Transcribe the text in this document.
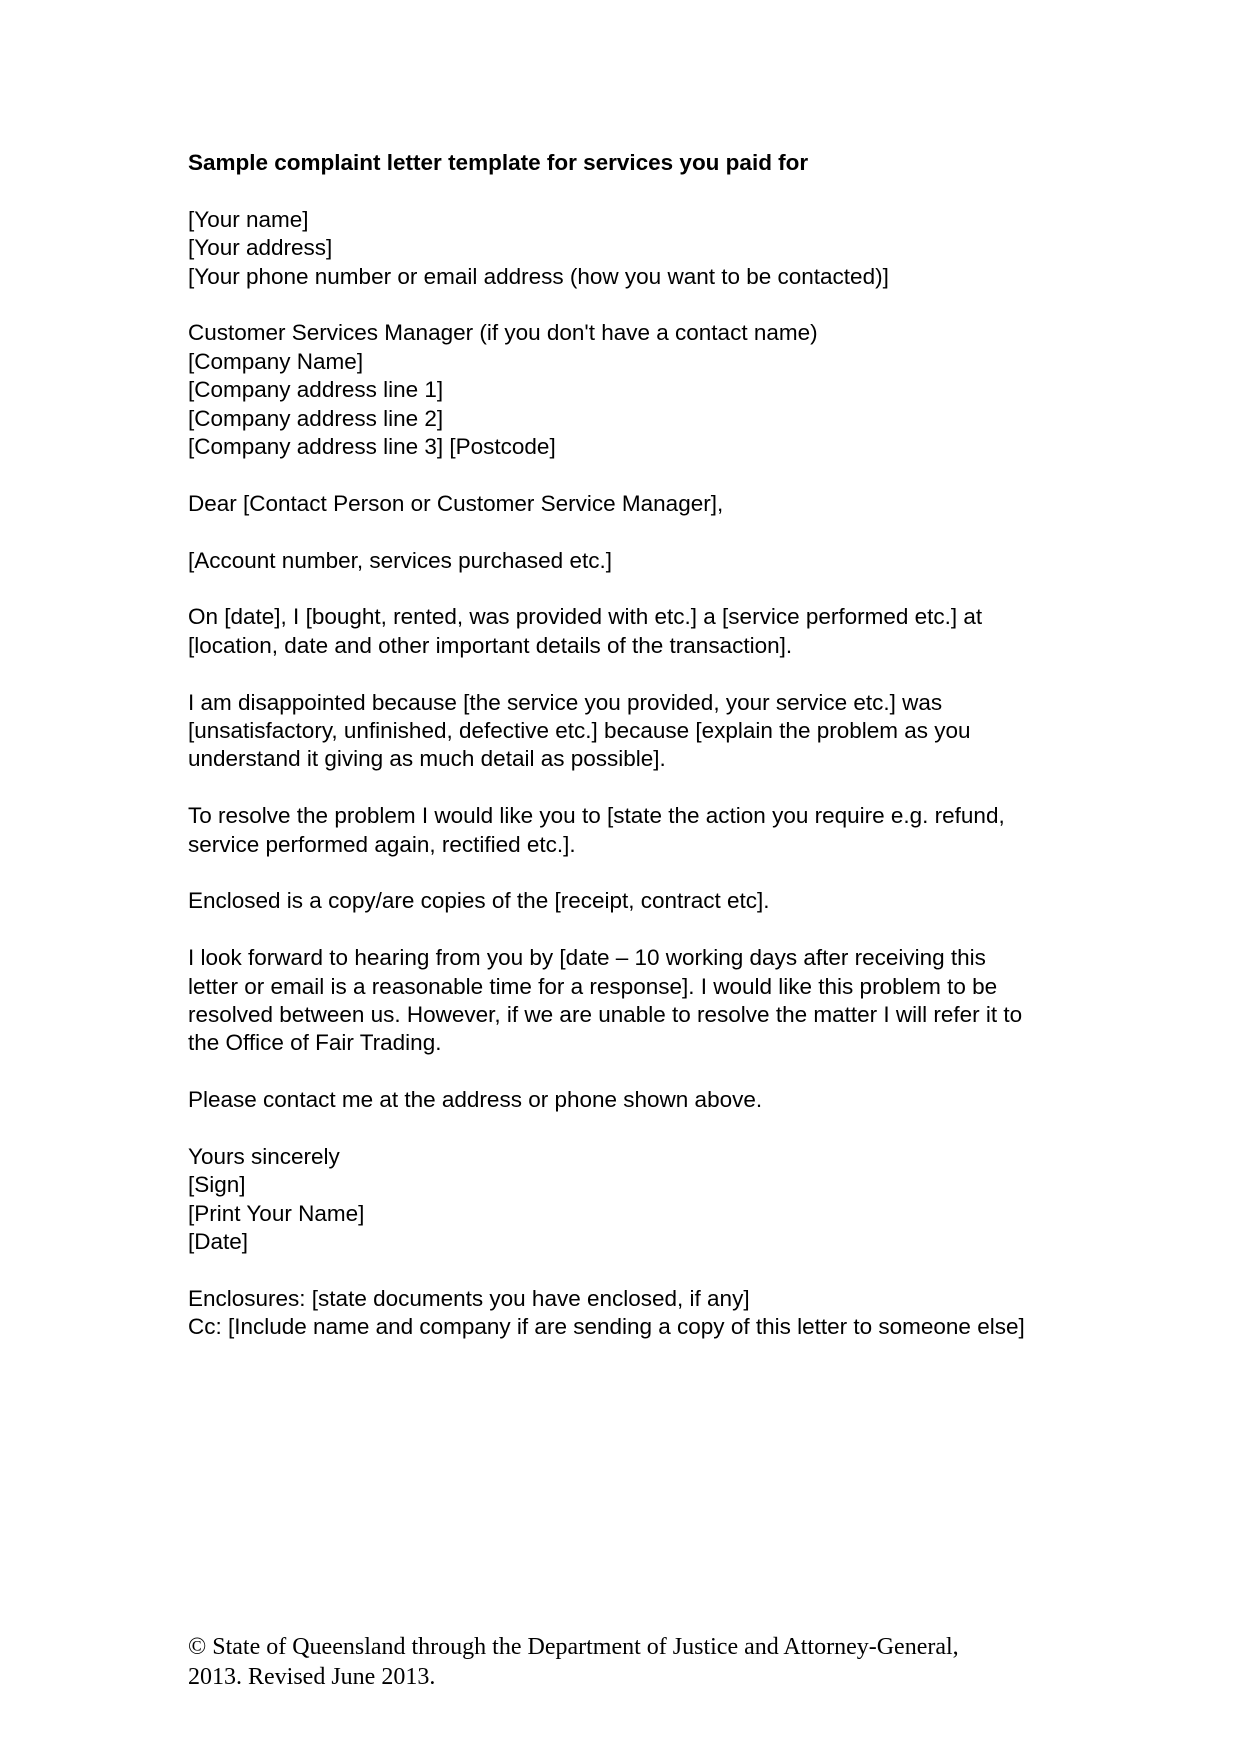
Sample complaint letter template for services you paid for
[Your name]
[Your address]
[Your phone number or email address (how you want to be contacted)]
Customer Services Manager (if you don't have a contact name)
[Company Name]
[Company address line 1]
[Company address line 2]
[Company address line 3] [Postcode]
Dear [Contact Person or Customer Service Manager],
[Account number, services purchased etc.]
On [date], I [bought, rented, was provided with etc.] a [service performed etc.] at
[location, date and other important details of the transaction].
I am disappointed because [the service you provided, your service etc.] was
[unsatisfactory, unfinished, defective etc.] because [explain the problem as you
understand it giving as much detail as possible].
To resolve the problem I would like you to [state the action you require e.g. refund,
service performed again, rectified etc.].
Enclosed is a copy/are copies of the [receipt, contract etc].
I look forward to hearing from you by [date – 10 working days after receiving this
letter or email is a reasonable time for a response]. I would like this problem to be
resolved between us. However, if we are unable to resolve the matter I will refer it to
the Office of Fair Trading.
Please contact me at the address or phone shown above.
Yours sincerely
[Sign]
[Print Your Name]
[Date]
Enclosures: [state documents you have enclosed, if any]
Cc: [Include name and company if are sending a copy of this letter to someone else]
© State of Queensland through the Department of Justice and Attorney-General,
2013. Revised June 2013.
